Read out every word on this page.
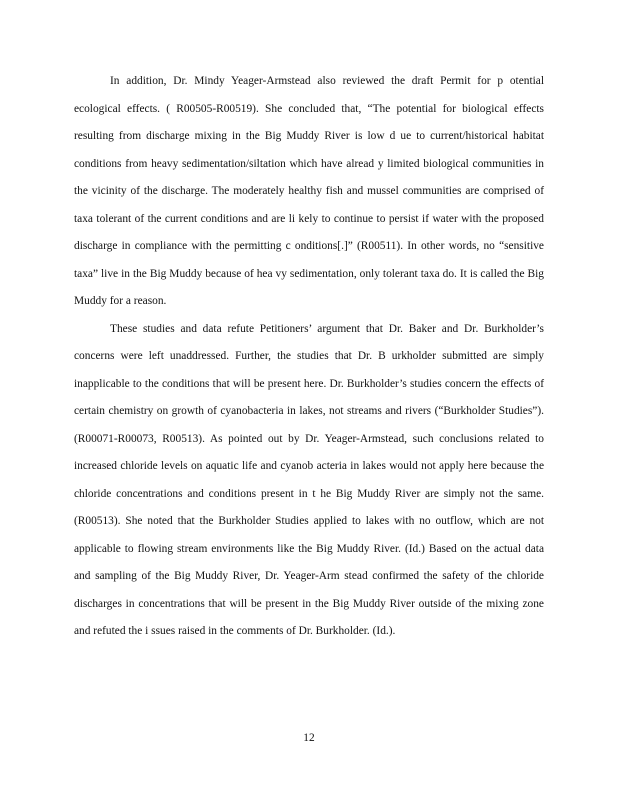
In addition, Dr. Mindy Yeager-Armstead also reviewed the draft Permit for p otential ecological effects. ( R00505-R00519). She concluded that, “The potential for biological effects resulting from discharge mixing in the Big Muddy River is low d ue to current/historical habitat conditions from heavy sedimentation/siltation which have alread y limited biological communities in the vicinity of the discharge. The moderately healthy fish and mussel communities are comprised of taxa tolerant of the current conditions and are li kely to continue to persist if water with the proposed discharge in compliance with the permitting c onditions[.]” (R00511). In other words, no “sensitive taxa” live in the Big Muddy because of hea vy sedimentation, only tolerant taxa do. It is called the Big Muddy for a reason.

These studies and data refute Petitioners’ argument that Dr. Baker and Dr. Burkholder’s concerns were left unaddressed. Further, the studies that Dr. B urkholder submitted are simply inapplicable to the conditions that will be present here. Dr. Burkholder’s studies concern the effects of certain chemistry on growth of cyanobacteria in lakes, not streams and rivers (“Burkholder Studies”). (R00071-R00073, R00513). As pointed out by Dr. Yeager-Armstead, such conclusions related to increased chloride levels on aquatic life and cyanob acteria in lakes would not apply here because the chloride concentrations and conditions present in t he Big Muddy River are simply not the same. (R00513). She noted that the Burkholder Studies applied to lakes with no outflow, which are not applicable to flowing stream environments like the Big Muddy River. (Id.) Based on the actual data and sampling of the Big Muddy River, Dr. Yeager-Arm stead confirmed the safety of the chloride discharges in concentrations that will be present in the Big Muddy River outside of the mixing zone and refuted the i ssues raised in the comments of Dr. Burkholder. (Id.).

12
